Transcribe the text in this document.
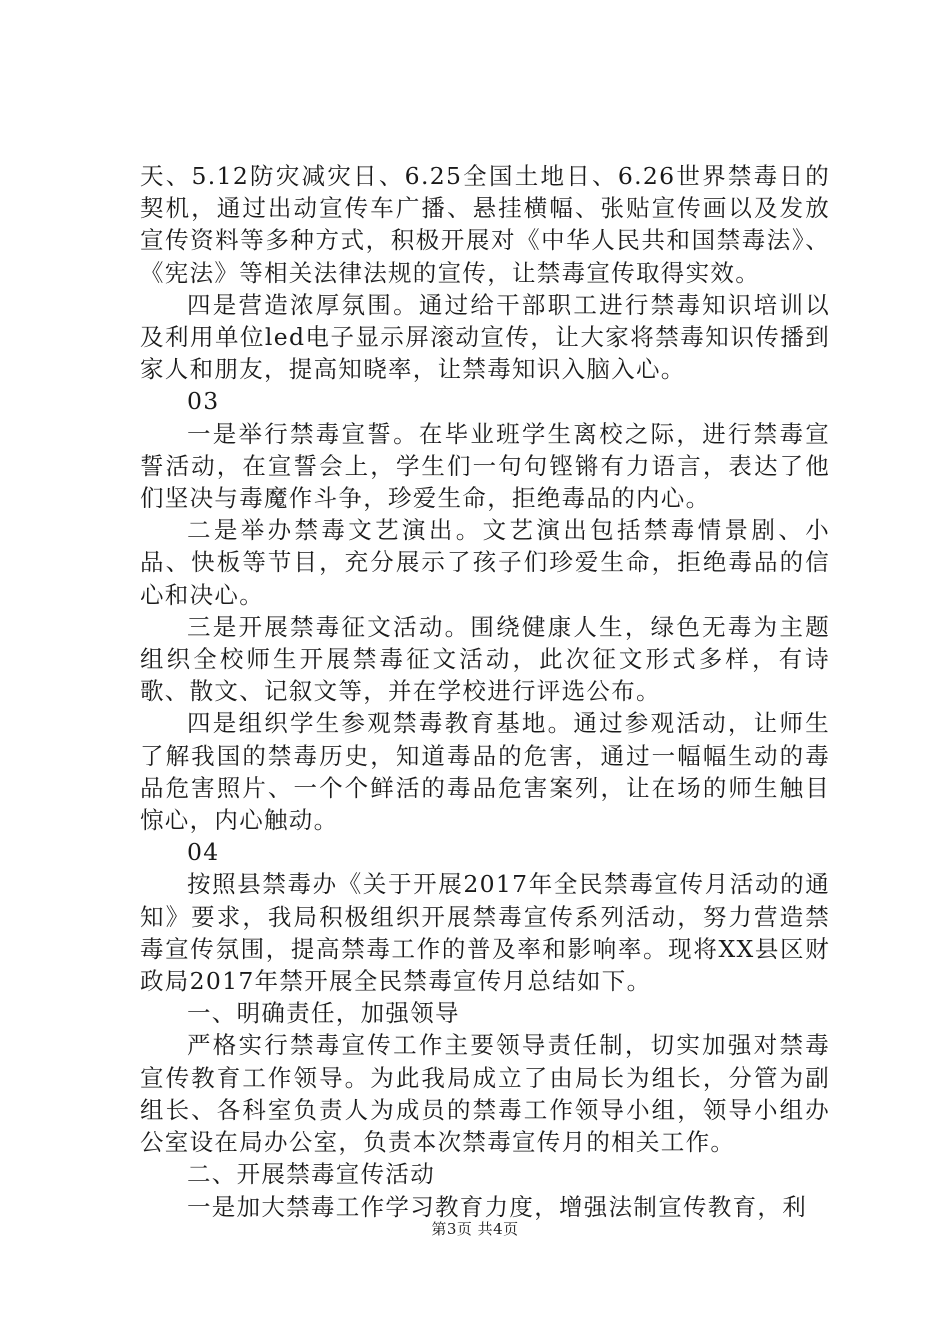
天、5.12防灾减灾日、6.25全国土地日、6.26世界禁毒日的契机，通过出动宣传车广播、悬挂横幅、张贴宣传画以及发放宣传资料等多种方式，积极开展对《中华人民共和国禁毒法》、《宪法》等相关法律法规的宣传，让禁毒宣传取得实效。

四是营造浓厚氛围。通过给干部职工进行禁毒知识培训以及利用单位led电子显示屏滚动宣传，让大家将禁毒知识传播到家人和朋友，提高知晓率，让禁毒知识入脑入心。

03

一是举行禁毒宣誓。在毕业班学生离校之际，进行禁毒宣誓活动，在宣誓会上，学生们一句句铿锵有力语言，表达了他们坚决与毒魔作斗争，珍爱生命，拒绝毒品的内心。

二是举办禁毒文艺演出。文艺演出包括禁毒情景剧、小品、快板等节目，充分展示了孩子们珍爱生命，拒绝毒品的信心和决心。

三是开展禁毒征文活动。围绕健康人生，绿色无毒为主题组织全校师生开展禁毒征文活动，此次征文形式多样，有诗歌、散文、记叙文等，并在学校进行评选公布。

四是组织学生参观禁毒教育基地。通过参观活动，让师生了解我国的禁毒历史，知道毒品的危害，通过一幅幅生动的毒品危害照片、一个个鲜活的毒品危害案列，让在场的师生触目惊心，内心触动。

04

按照县禁毒办《关于开展2017年全民禁毒宣传月活动的通知》要求，我局积极组织开展禁毒宣传系列活动，努力营造禁毒宣传氛围，提高禁毒工作的普及率和影响率。现将XX县区财政局2017年禁开展全民禁毒宣传月总结如下。

一、明确责任，加强领导

严格实行禁毒宣传工作主要领导责任制，切实加强对禁毒宣传教育工作领导。为此我局成立了由局长为组长，分管为副组长、各科室负责人为成员的禁毒工作领导小组，领导小组办公室设在局办公室，负责本次禁毒宣传月的相关工作。

二、开展禁毒宣传活动

一是加大禁毒工作学习教育力度，增强法制宣传教育，利

第3页 共4页
